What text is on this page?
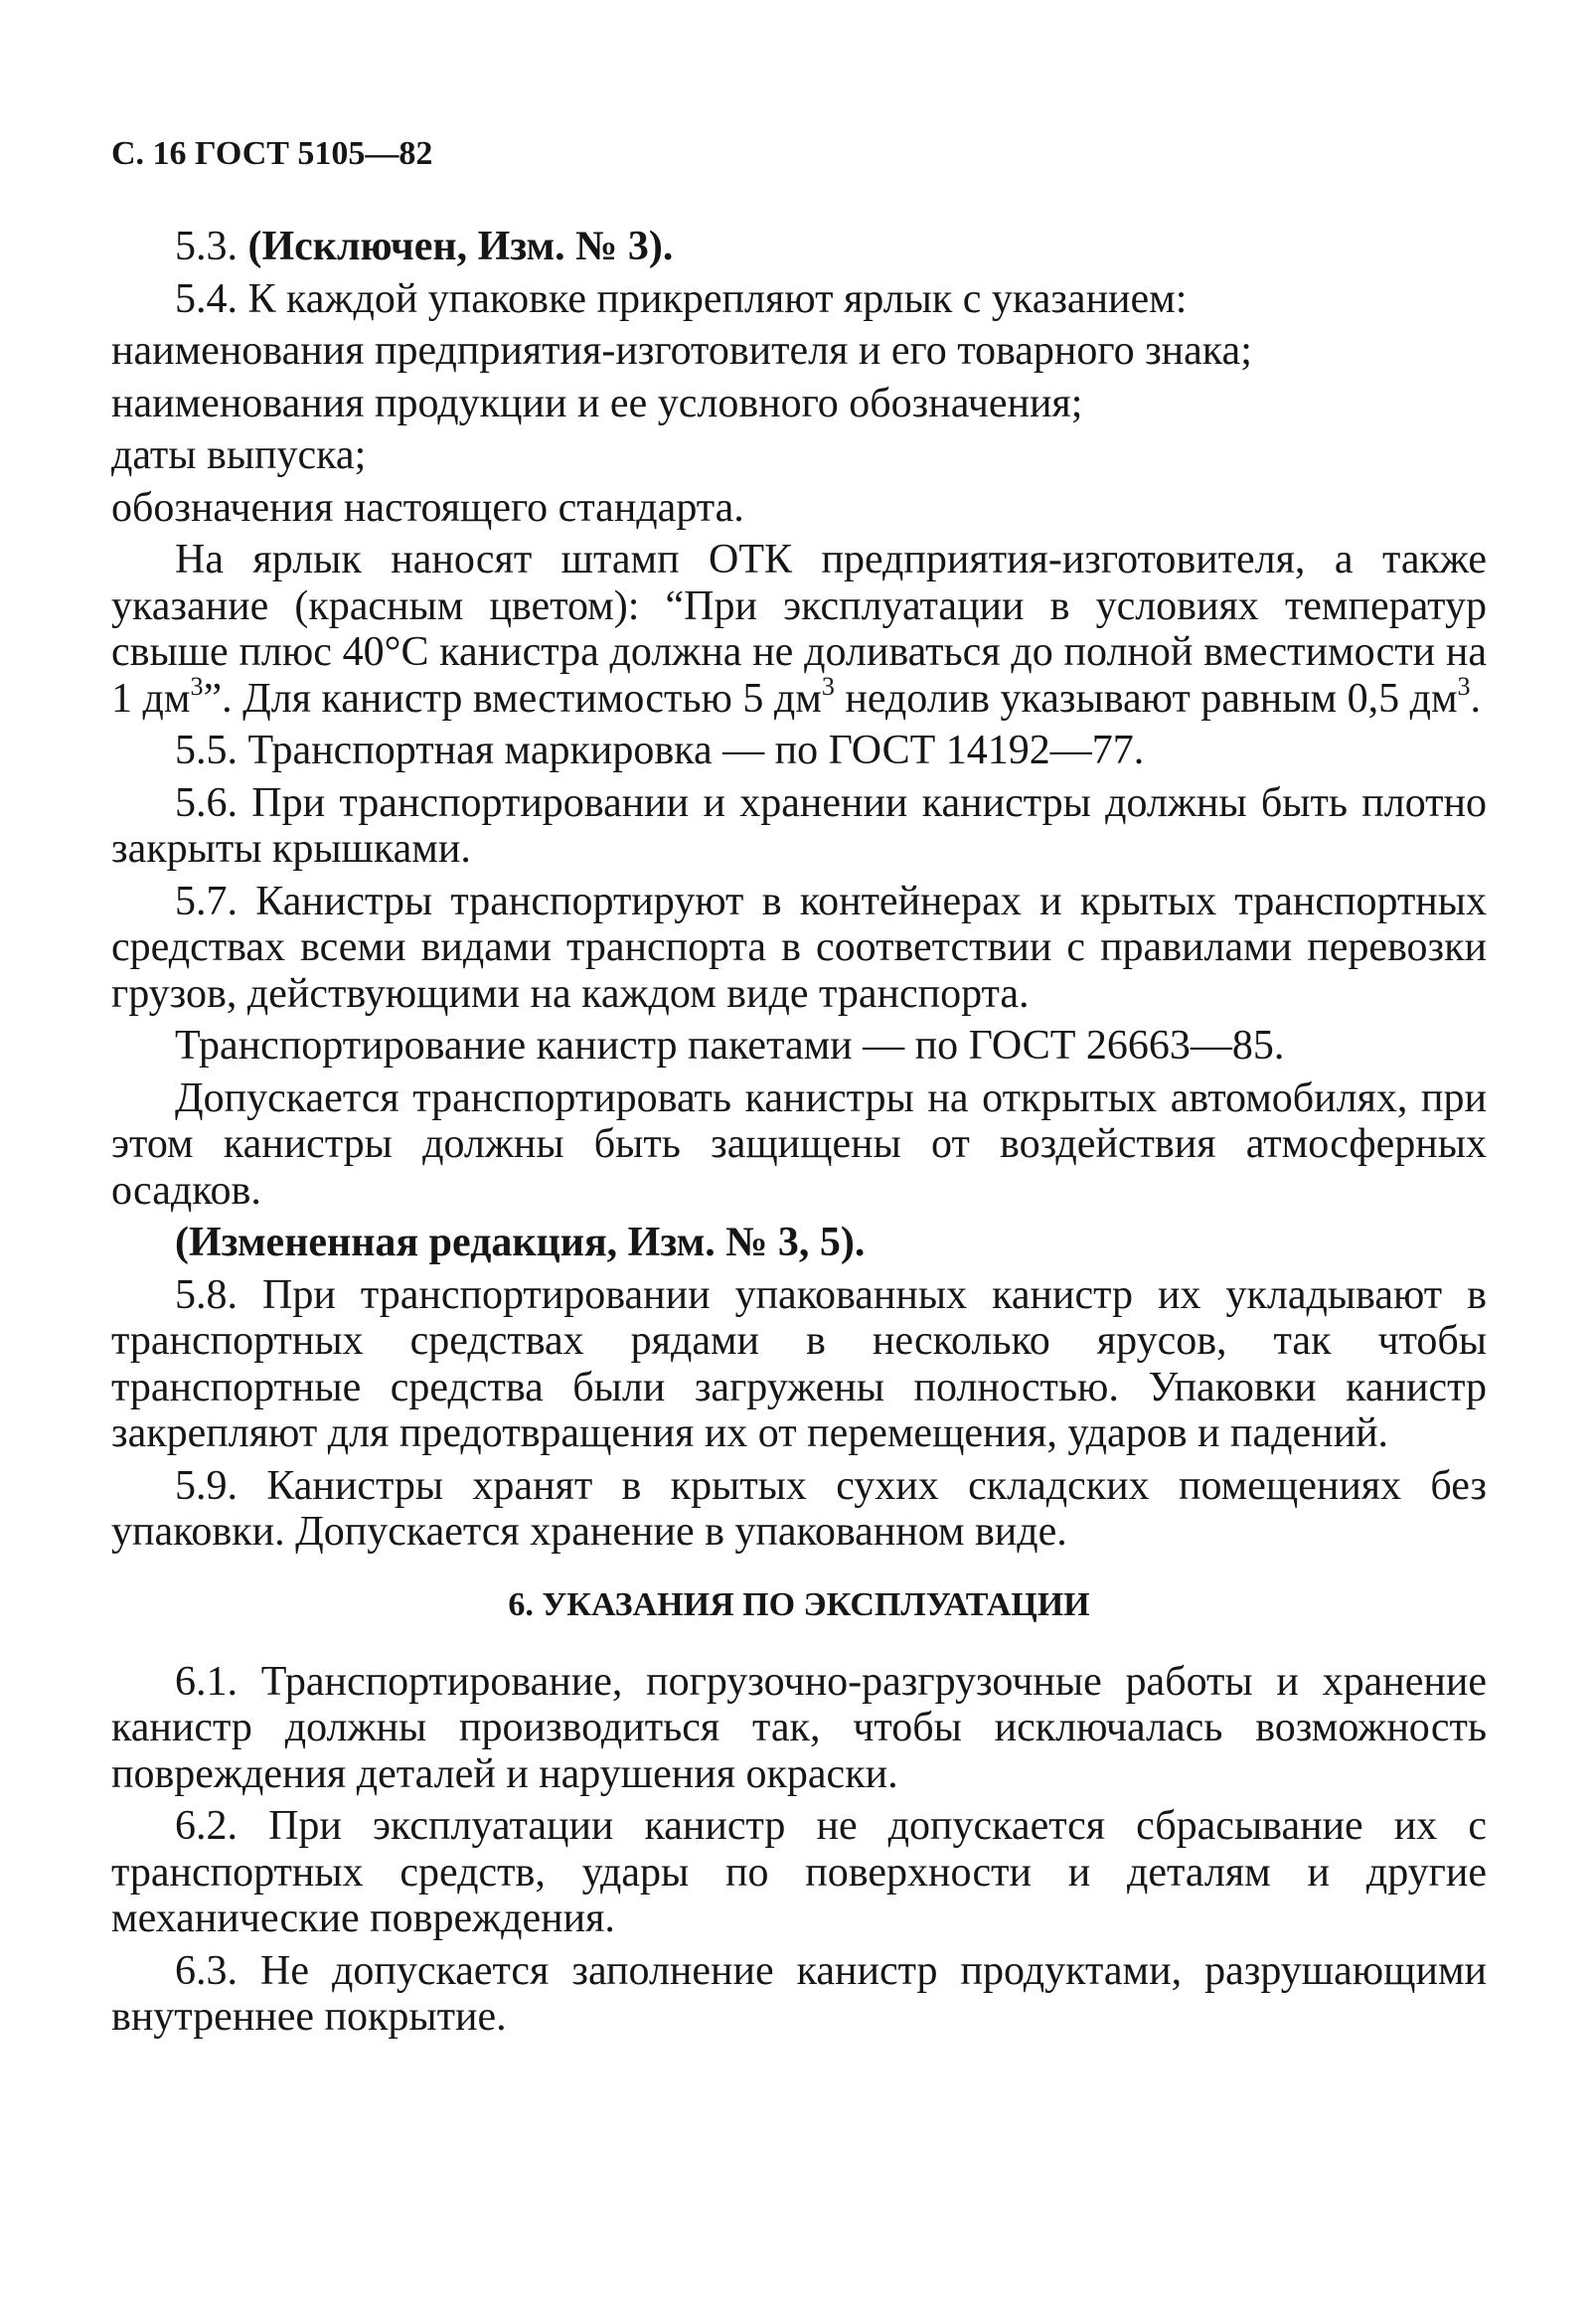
С. 16 ГОСТ 5105—82
5.3. (Исключен, Изм. № 3).
5.4. К каждой упаковке прикрепляют ярлык с указанием:
наименования предприятия-изготовителя и его товарного знака;
наименования продукции и ее условного обозначения;
даты выпуска;
обозначения настоящего стандарта.
На ярлык наносят штамп ОТК предприятия-изготовителя, а также указание (красным цветом): “При эксплуатации в условиях температур свыше плюс 40°С канистра должна не доливаться до полной вместимости на 1 $дм^3$”. Для канистр вместимостью 5 $дм^3$ недолив указывают равным 0,5 $дм^3$.
5.5. Транспортная маркировка — по ГОСТ 14192—77.
5.6. При транспортировании и хранении канистры должны быть плотно закрыты крышками.
5.7. Канистры транспортируют в контейнерах и крытых транспортных средствах всеми видами транспорта в соответствии с правилами перевозки грузов, действующими на каждом виде транспорта.
Транспортирование канистр пакетами — по ГОСТ 26663—85.
Допускается транспортировать канистры на открытых автомобилях, при этом канистры должны быть защищены от воздействия атмосферных осадков.
(Измененная редакция, Изм. № 3, 5).
5.8. При транспортировании упакованных канистр их укладывают в транспортных средствах рядами в несколько ярусов, так чтобы транспортные средства были загружены полностью. Упаковки канистр закрепляют для предотвращения их от перемещения, ударов и падений.
5.9. Канистры хранят в крытых сухих складских помещениях без упаковки. Допускается хранение в упакованном виде.
6. УКАЗАНИЯ ПО ЭКСПЛУАТАЦИИ
6.1. Транспортирование, погрузочно-разгрузочные работы и хранение канистр должны производиться так, чтобы исключалась возможность повреждения деталей и нарушения окраски.
6.2. При эксплуатации канистр не допускается сбрасывание их с транспортных средств, удары по поверхности и деталям и другие механические повреждения.
6.3. Не допускается заполнение канистр продуктами, разрушающими внутреннее покрытие.
